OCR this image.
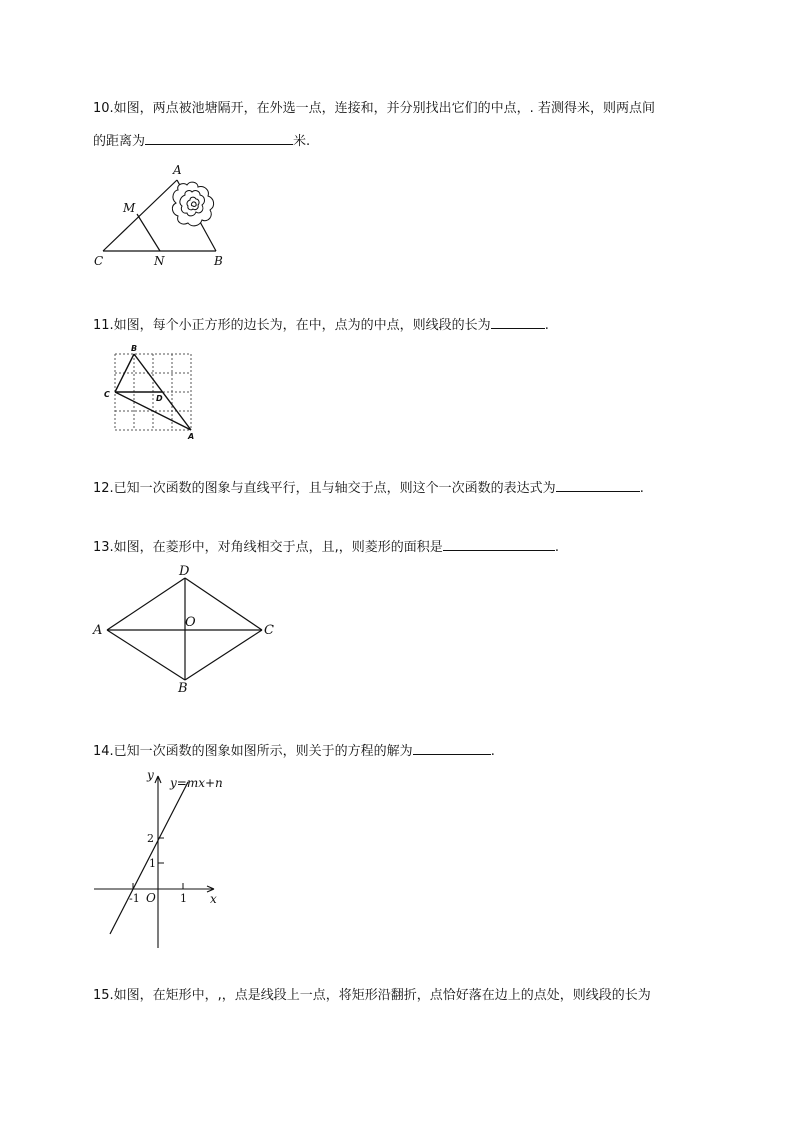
10.如图，两点被池塘隔开，在外选一点，连接和，并分别找出它们的中点，. 若测得米，则两点间
的距离为	米.
A
M
C	N	B
11.如图，每个小正方形的边长为，在中，点为的中点，则线段的长为	.
B
C	D
A
12.已知一次函数的图象与直线平行，且与轴交于点，则这个一次函数的表达式为	.
13.如图，在菱形中，对角线相交于点，且,，则菱形的面积是	.
D
A
O
C
B
14.已知一次函数的图象如图所示，则关于的方程的解为	.
y
x
y=mx+n
2
1
-1 O 1
15.如图，在矩形中，,，点是线段上一点，将矩形沿翻折，点恰好落在边上的点处，则线段的长为
